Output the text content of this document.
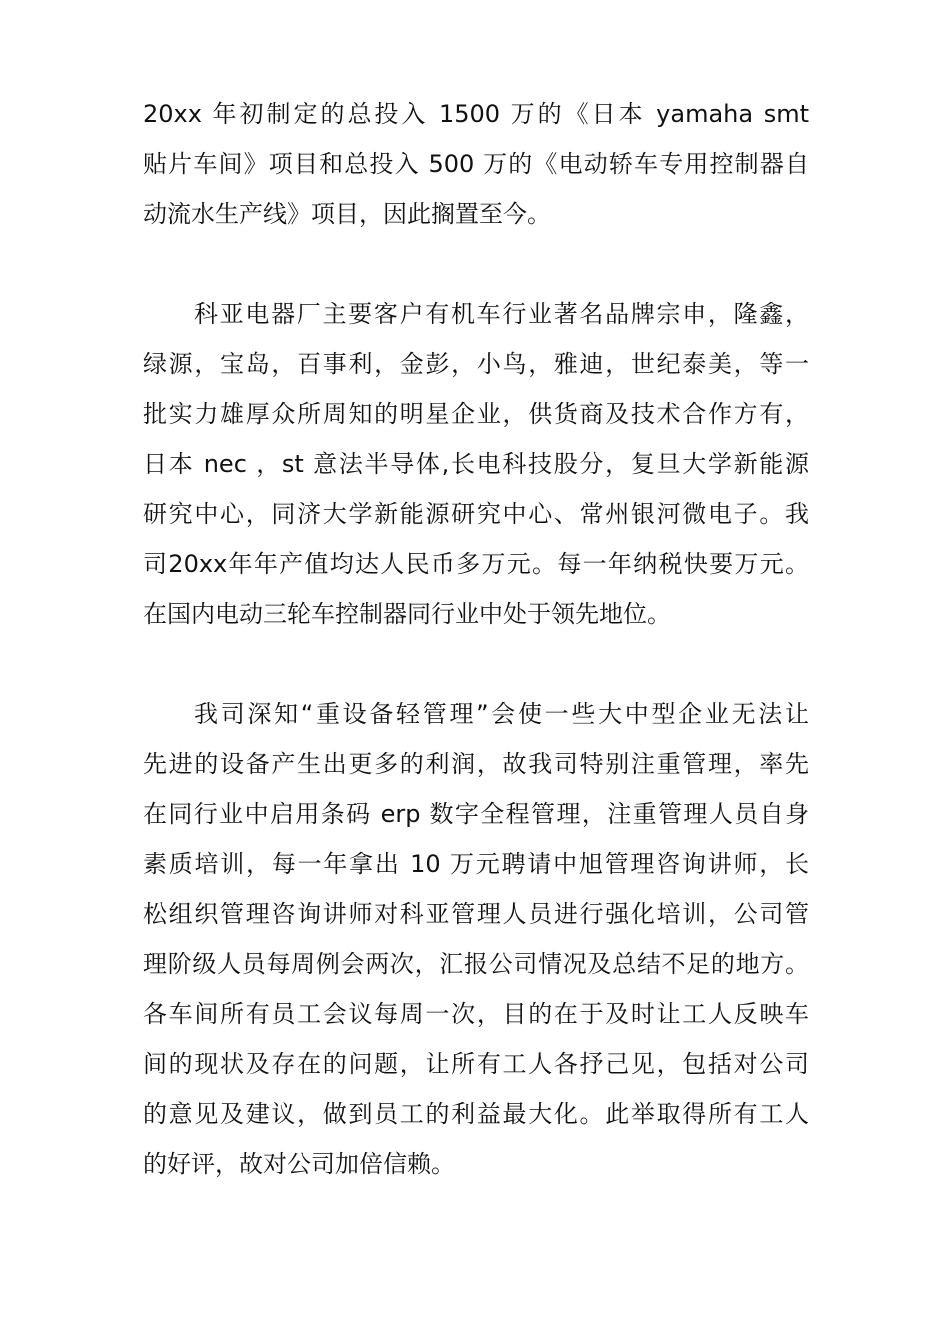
20xx 年初制定的总投入 1500 万的《日本 yamaha smt
贴片车间》项目和总投入 500 万的《电动轿车专用控制器自
动流水生产线》项目，因此搁置至今。
科亚电器厂主要客户有机车行业著名品牌宗申，隆鑫，
绿源，宝岛，百事利，金彭，小鸟，雅迪，世纪泰美，等一
批实力雄厚众所周知的明星企业，供货商及技术合作方有，
日本 nec ，st 意法半导体,长电科技股分，复旦大学新能源
研究中心，同济大学新能源研究中心、常州银河微电子。我
司20xx年年产值均达人民币多万元。每一年纳税快要万元。
在国内电动三轮车控制器同行业中处于领先地位。
我司深知“重设备轻管理”会使一些大中型企业无法让
先进的设备产生出更多的利润，故我司特别注重管理，率先
在同行业中启用条码 erp 数字全程管理，注重管理人员自身
素质培训，每一年拿出 10 万元聘请中旭管理咨询讲师，长
松组织管理咨询讲师对科亚管理人员进行强化培训，公司管
理阶级人员每周例会两次，汇报公司情况及总结不足的地方。
各车间所有员工会议每周一次，目的在于及时让工人反映车
间的现状及存在的问题，让所有工人各抒己见，包括对公司
的意见及建议，做到员工的利益最大化。此举取得所有工人
的好评，故对公司加倍信赖。
